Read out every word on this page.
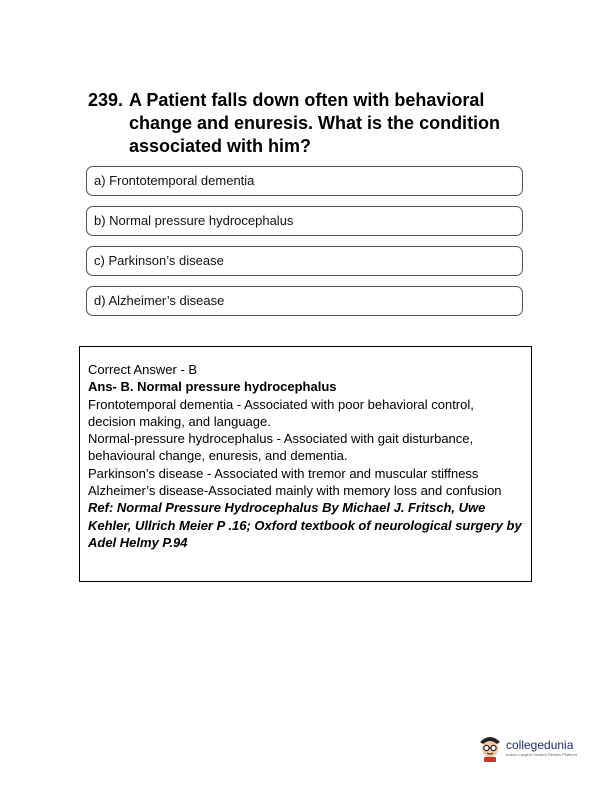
239. A Patient falls down often with behavioral change and enuresis. What is the condition associated with him?
a) Frontotemporal dementia
b) Normal pressure hydrocephalus
c) Parkinson’s disease
d) Alzheimer’s disease
Correct Answer - B
Ans- B. Normal pressure hydrocephalus
Frontotemporal dementia - Associated with poor behavioral control, decision making, and language.
Normal-pressure hydrocephalus - Associated with gait disturbance, behavioural change, enuresis, and dementia.
Parkinson’s disease - Associated with tremor and muscular stiffness
Alzheimer’s disease-Associated mainly with memory loss and confusion
Ref: Normal Pressure Hydrocephalus By Michael J. Fritsch, Uwe Kehler, Ullrich Meier P .16; Oxford textbook of neurological surgery by Adel Helmy P.94
collegedunia
India's Largest Student Review Platform
